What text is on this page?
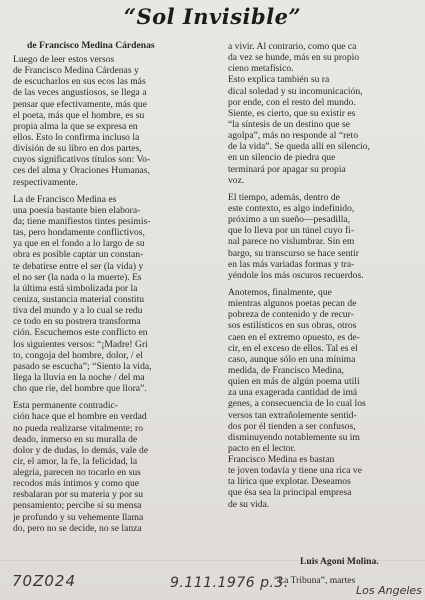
“Sol Invisible”
de Francisco Medina Cárdenas
Luego de leer estos versos
de Francisco Medina Cárdenas y
de escucharlos en sus ecos las más
de las veces angustiosos, se llega a
pensar que efectivamente, más que
el poeta, más que el hombre, es su
propia alma la que se expresa en
ellos. Esto lo confirma incluso la
división de su libro en dos partes,
cuyos significativos títulos son: Vo-
ces del alma y Oraciones Humanas,
respectivamente.
La de Francisco Medina es
una poesía bastante bien elabora-
da; tiene manifiestos tintes pesimis-
tas, pero hondamente conflictivos,
ya que en el fondo a lo largo de su
obra es posible captar un constan-
te debatirse entre el ser (la vida) y
el no ser (la nada o la muerte). Es
la última está simbolizada por la
ceniza, sustancia material constitu
tiva del mundo y a lo cual se redu
ce todo en su postrera transforma
ción. Escuchemos este conflicto en
los siguientes versos: “¡Madre! Gri
to, congoja del hombre, dolor, / el
pasado se escucha”; “Siento la vida,
llega la lluvia en la noche / del ma
cho que ríe, del hombre que llora”.
Esta permanente contradic-
ción hace que el hombre en verdad
no pueda realizarse vitalmente; ro
deado, inmerso en su muralla de
dolor y de dudas, lo demás, vale de
cir, el amor, la fe, la felicidad, la
alegría, parecen no tocarlo en sus
recodos más íntimos y como que
resbalaran por su materia y por su
pensamiento; percibe sí su mensa
je profundo y su vehemente llama
do, pero no se decide, no se lanza
a vivir. Al contrario, como que ca
da vez se hunde, más en su propio
cieno metafísico.
Esto explica también su ra
dical soledad y su incomunicación,
por ende, con el resto del mundo.
Siente, es cierto, que su existir es
“la síntesis de un destino que se
agolpa”, más no responde al “reto
de la vida”. Se queda allí en silencio,
en un silencio de piedra que
terminará por apagar su propia
voz.
El tiempo, además, dentro de
este contexto, es algo indefinido,
próximo a un sueño—pesadilla,
que lo lleva por un túnel cuyo fi-
nal parece no vislumbrar. Sin em
bargo, su transcurso se hace sentir
en las más variadas formas y tra-
yéndole los más oscuros recuerdos.
Anotemos, finalmente, que
mientras algunos poetas pecan de
pobreza de contenido y de recur-
sos estilísticos en sus obras, otros
caen en el extremo opuesto, es de-
cir, en el exceso de ellos. Tal es el
caso, aunque sólo en una mínima
medida, de Francisco Medina,
quien en más de algún poema utili
za una exagerada cantidad de imá
genes, a consecuencia de lo cual los
versos tan extrañolemente sentid-
dos por él tienden a ser confusos,
disminuyendo notablemente su im
pacto en el lector.
Francisco Medina es bastan
te joven todavía y tiene una rica ve
ta lírica que explotar. Deseamos
que ésa sea la principal empresa
de su vida.
Luis Agoni Molina.
“La Tribuna”, martes
70Z024	9.111.1976 p.3.	Los Angeles
